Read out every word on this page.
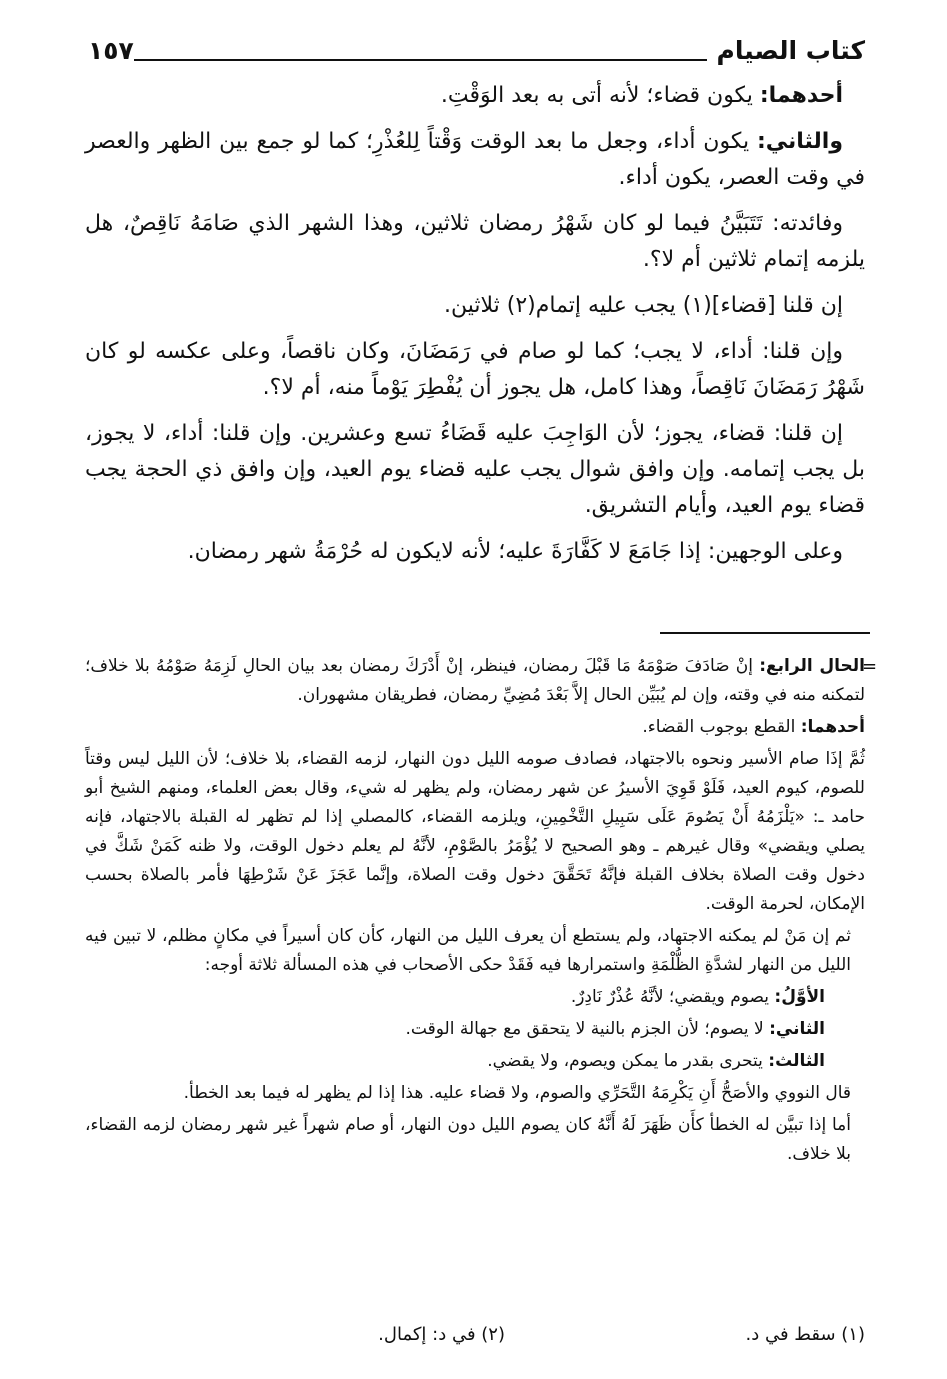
كتاب الصيام
١٥٧

أحدهما: يكون قضاء؛ لأنه أتى به بعد الوَقْتِ.

والثاني: يكون أداء، وجعل ما بعد الوقت وَقْتاً لِلعُذْرِ؛ كما لو جمع بين الظهر والعصر في وقت العصر، يكون أداء.

وفائدته: تَتَبَيَّنُ فيما لو كان شَهْرُ رمضان ثلاثين، وهذا الشهر الذي صَامَهُ نَاقِصٌ، هل يلزمه إتمام ثلاثين أم لا؟.

إن قلنا [قضاء](١) يجب عليه إتمام(٢) ثلاثين.

وإن قلنا: أداء، لا يجب؛ كما لو صام في رَمَضَانَ، وكان ناقصاً، وعلى عكسه لو كان شَهْرُ رَمَضَانَ نَاقِصاً، وهذا كامل، هل يجوز أن يُفْطِرَ يَوْماً منه، أم لا؟.

إن قلنا: قضاء، يجوز؛ لأن الوَاجِبَ عليه قَضَاءُ تسع وعشرين. وإن قلنا: أداء، لا يجوز، بل يجب إتمامه. وإن وافق شوال يجب عليه قضاء يوم العيد، وإن وافق ذي الحجة يجب قضاء يوم العيد، وأيام التشريق.

وعلى الوجهين: إذا جَامَعَ لا كَفَّارَةَ عليه؛ لأنه لايكون له حُرْمَةُ شهر رمضان.

=

الحال الرابع: إنْ صَادَفَ صَوْمَهُ مَا قَبْلَ رمضان، فينظر، إنْ أَدْرَكَ رمضان بعد بيان الحالِ لَزِمَهُ صَوْمُهُ بلا خلاف؛ لتمكنه منه في وقته، وإن لم يُبَيِّن الحال إلاَّ بَعْدَ مُضِيِّ رمضان، فطريقان مشهوران.

أحدهما: القطع بوجوب القضاء.

ثُمَّ إذَا صام الأسير ونحوه بالاجتهاد، فصادف صومه الليل دون النهار، لزمه القضاء، بلا خلاف؛ لأن الليل ليس وقتاً للصوم، كيوم العيد، فَلَوْ قَوِيَ الأسيرُ عن شهر رمضان، ولم يظهر له شيء، وقال بعض العلماء، ومنهم الشيخ أبو حامد ـ: «يَلْزَمُهُ أَنْ يَصُومَ عَلَى سَبِيلِ التَّخْمِينِ، ويلزمه القضاء، كالمصلي إذا لم تظهر له القبلة بالاجتهاد، فإنه يصلي ويقضي» وقال غيرهم ـ وهو الصحيح لا يُؤْمَرُ بالصَّوْمِ، لأنَّهُ لم يعلم دخول الوقت، ولا ظنه كَمَنْ شَكَّ في دخول وقت الصلاة بخلاف القبلة فإنَّهُ تَحَقَّقَ دخول وقت الصلاة، وإنَّما عَجَزَ عَنْ شَرْطِهَا فأمر بالصلاة بحسب الإمكان، لحرمة الوقت.

ثم إن مَنْ لم يمكنه الاجتهاد، ولم يستطع أن يعرف الليل من النهار، كأن كان أسيراً في مكانٍ مظلم، لا تبين فيه الليل من النهار لشدَّةِ الظُّلْمَةِ واستمرارها فيه فَقَدْ حكى الأصحاب في هذه المسألة ثلاثة أوجه:

الأوَّلُ: يصوم ويقضي؛ لأنَّهُ عُذْرٌ نَادِرٌ.

الثاني: لا يصوم؛ لأن الجزم بالنية لا يتحقق مع جهالة الوقت.

الثالث: يتحرى بقدر ما يمكن ويصوم، ولا يقضي.

قال النووي والأصَحُّ أَنِ يَكْرِمَهُ التَّحَرِّي والصوم، ولا قضاء عليه. هذا إذا لم يظهر له فيما بعد الخطأ.

أما إذا تبيَّن له الخطأ كأَن ظَهَرَ لَهُ أَنَّهُ كان يصوم الليل دون النهار، أو صام شهراً غير شهر رمضان لزمه القضاء، بلا خلاف.

(١) سقط في د.
(٢) في د: إكمال.
